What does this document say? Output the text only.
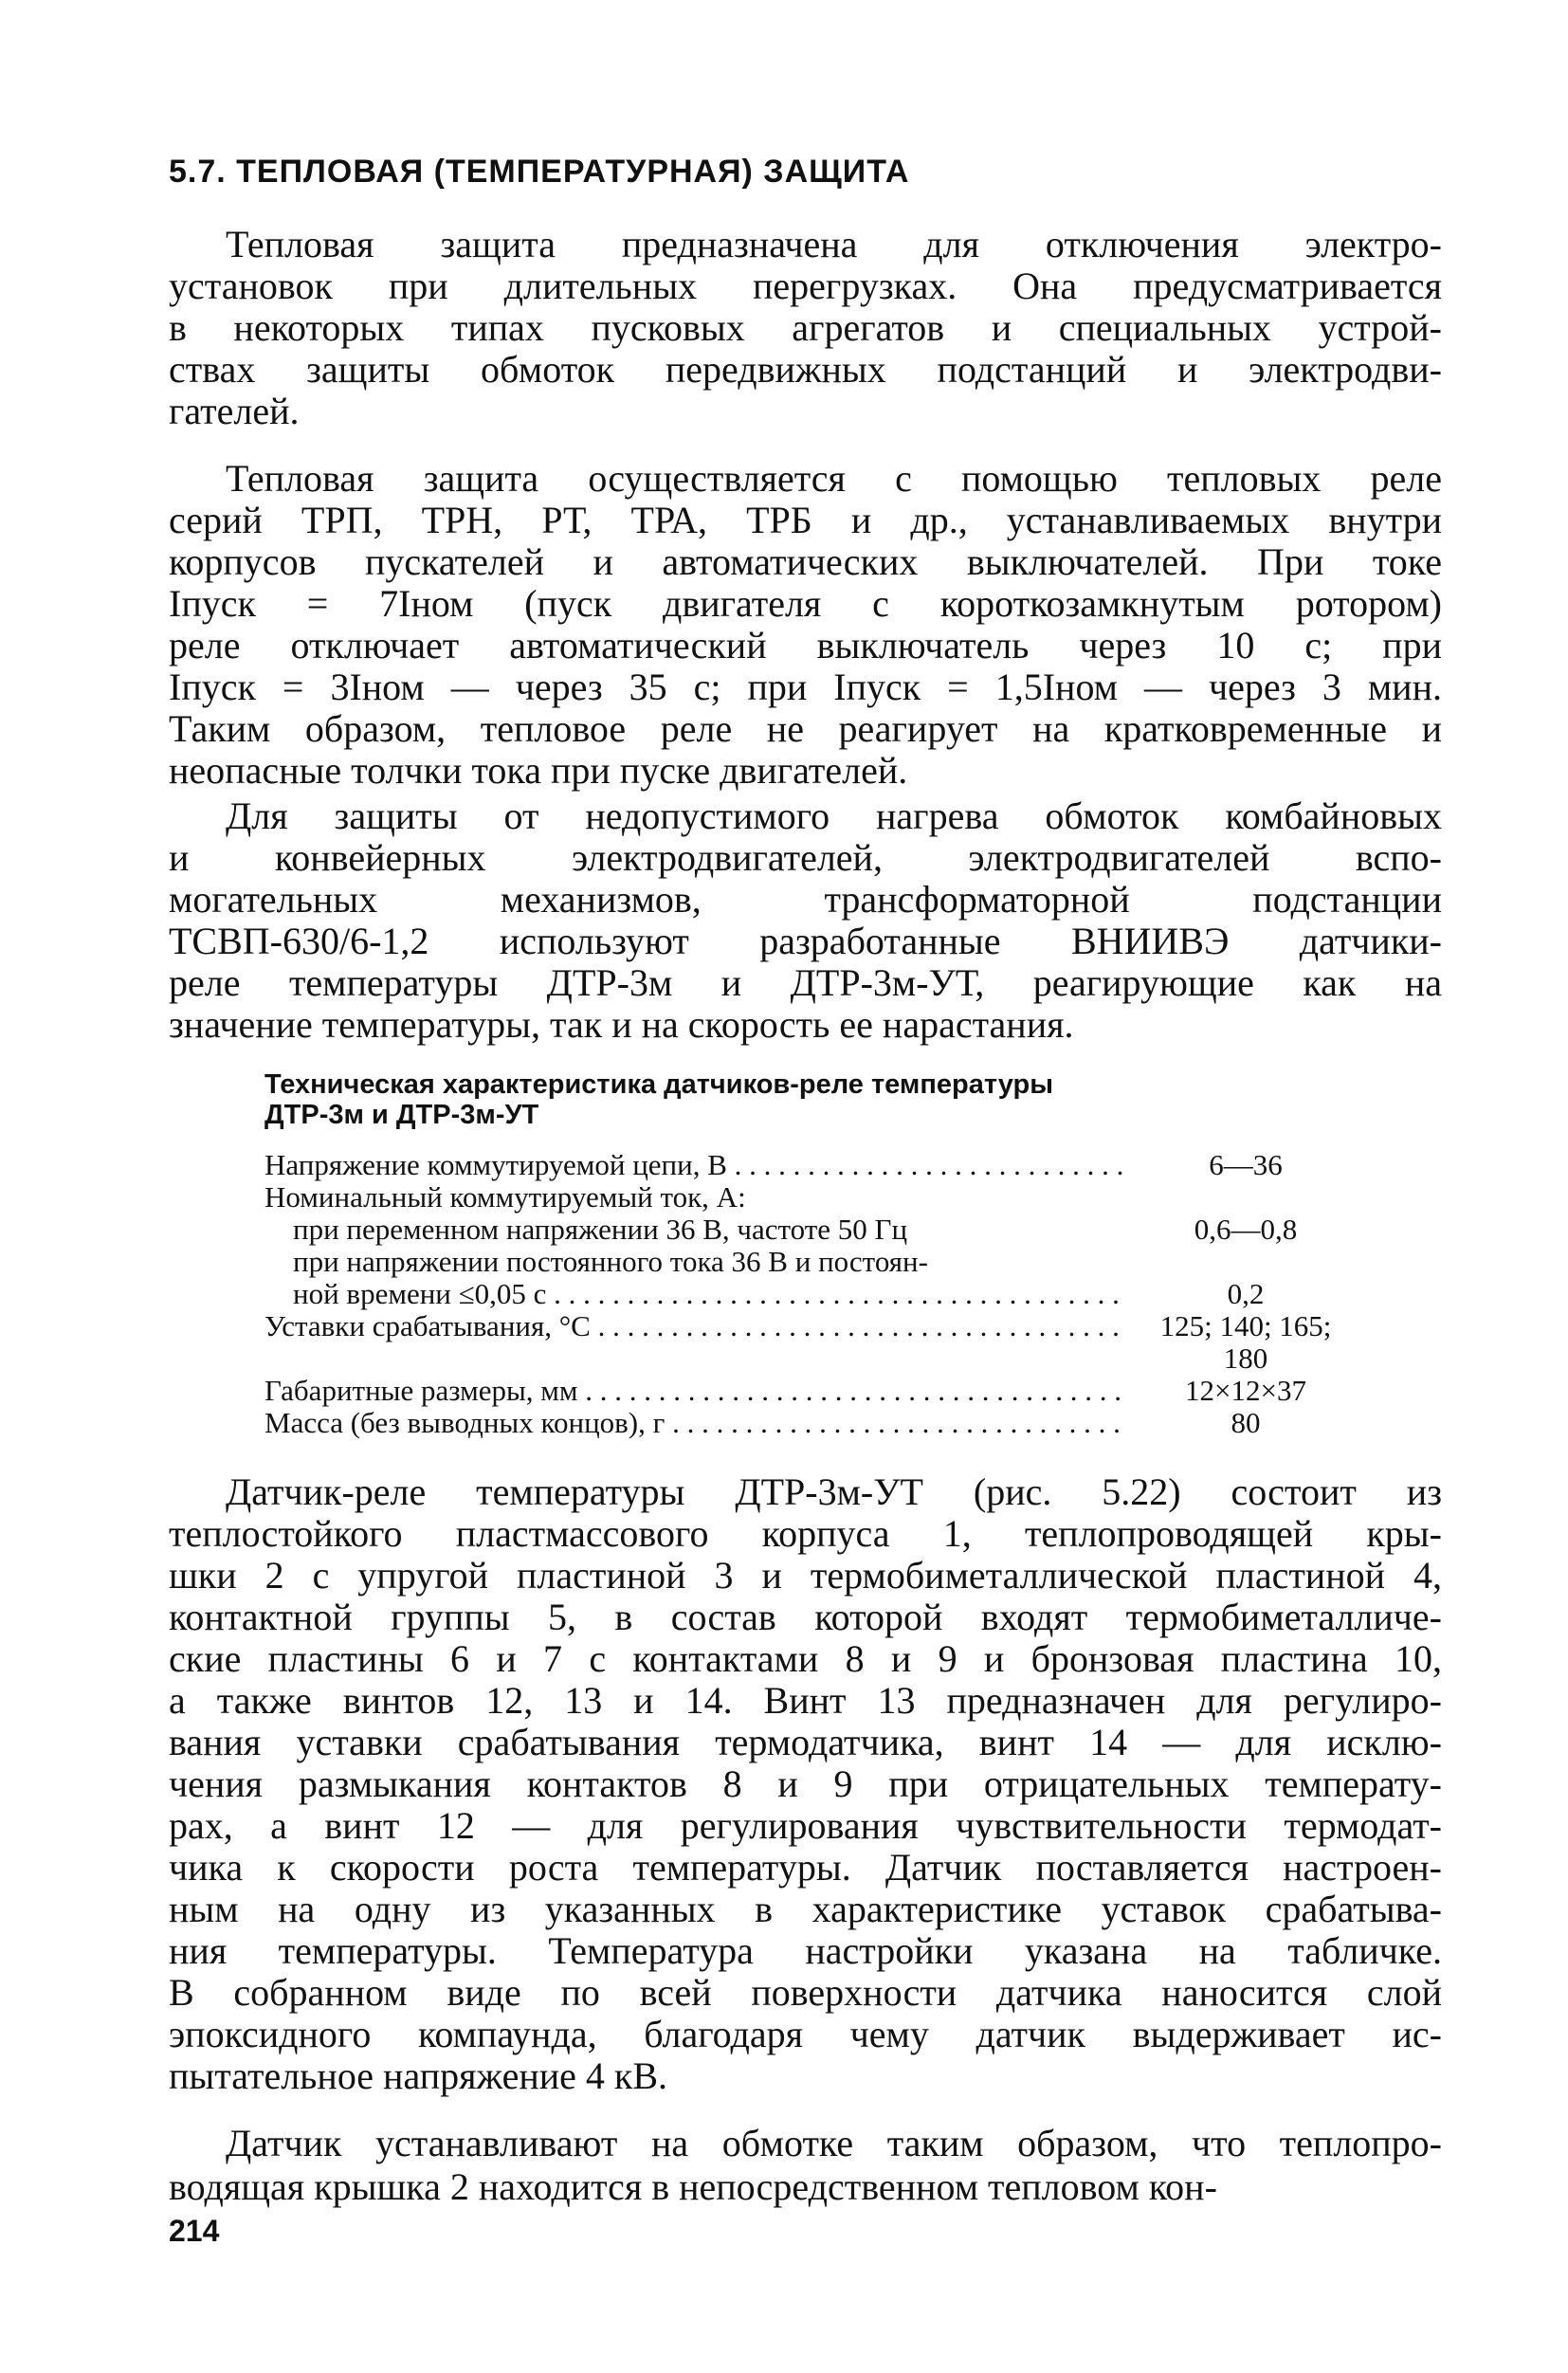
5.7. ТЕПЛОВАЯ (ТЕМПЕРАТУРНАЯ) ЗАЩИТА
Тепловая защита предназначена для отключения электро-
установок при длительных перегрузках. Она предусматривается
в некоторых типах пусковых агрегатов и специальных устрой-
ствах защиты обмоток передвижных подстанций и электродви-
гателей.
Тепловая защита осуществляется с помощью тепловых реле
серий ТРП, ТРН, РТ, ТРА, ТРБ и др., устанавливаемых внутри
корпусов пускателей и автоматических выключателей. При токе
Iпуск = 7Iном (пуск двигателя с короткозамкнутым ротором)
реле отключает автоматический выключатель через 10 с; при
Iпуск = 3Iном — через 35 с; при Iпуск = 1,5Iном — через 3 мин.
Таким образом, тепловое реле не реагирует на кратковременные и
неопасные толчки тока при пуске двигателей.
Для защиты от недопустимого нагрева обмоток комбайновых
и конвейерных электродвигателей, электродвигателей вспо-
могательных механизмов, трансформаторной подстанции
ТСВП-630/6-1,2 используют разработанные ВНИИВЭ датчики-
реле температуры ДТР-3м и ДТР-3м-УТ, реагирующие как на
значение температуры, так и на скорость ее нарастания.
Техническая характеристика датчиков-реле температуры
ДТР-3м и ДТР-3м-УТ
Напряжение коммутируемой цепи, В . . .	6—36
Номинальный коммутируемый ток, А:
при переменном напряжении 36 В, частоте 50 Гц	0,6—0,8
при напряжении постоянного тока 36 В и постоян-
ной времени ≤0,05 с . . .	0,2
Уставки срабатывания, °С . . .	125; 140; 165;
180
Габаритные размеры, мм . . .	12×12×37
Масса (без выводных концов), г . . .	80
Датчик-реле температуры ДТР-3м-УТ (рис. 5.22) состоит из
теплостойкого пластмассового корпуса 1, теплопроводящей кры-
шки 2 с упругой пластиной 3 и термобиметаллической пластиной 4,
контактной группы 5, в состав которой входят термобиметалличе-
ские пластины 6 и 7 с контактами 8 и 9 и бронзовая пластина 10,
а также винтов 12, 13 и 14. Винт 13 предназначен для регулиро-
вания уставки срабатывания термодатчика, винт 14 — для исклю-
чения размыкания контактов 8 и 9 при отрицательных температу-
рах, а винт 12 — для регулирования чувствительности термодат-
чика к скорости роста температуры. Датчик поставляется настроен-
ным на одну из указанных в характеристике уставок срабатыва-
ния температуры. Температура настройки указана на табличке.
В собранном виде по всей поверхности датчика наносится слой
эпоксидного компаунда, благодаря чему датчик выдерживает ис-
пытательное напряжение 4 кВ.
Датчик устанавливают на обмотке таким образом, что теплопро-
водящая крышка 2 находится в непосредственном тепловом кон-
214
